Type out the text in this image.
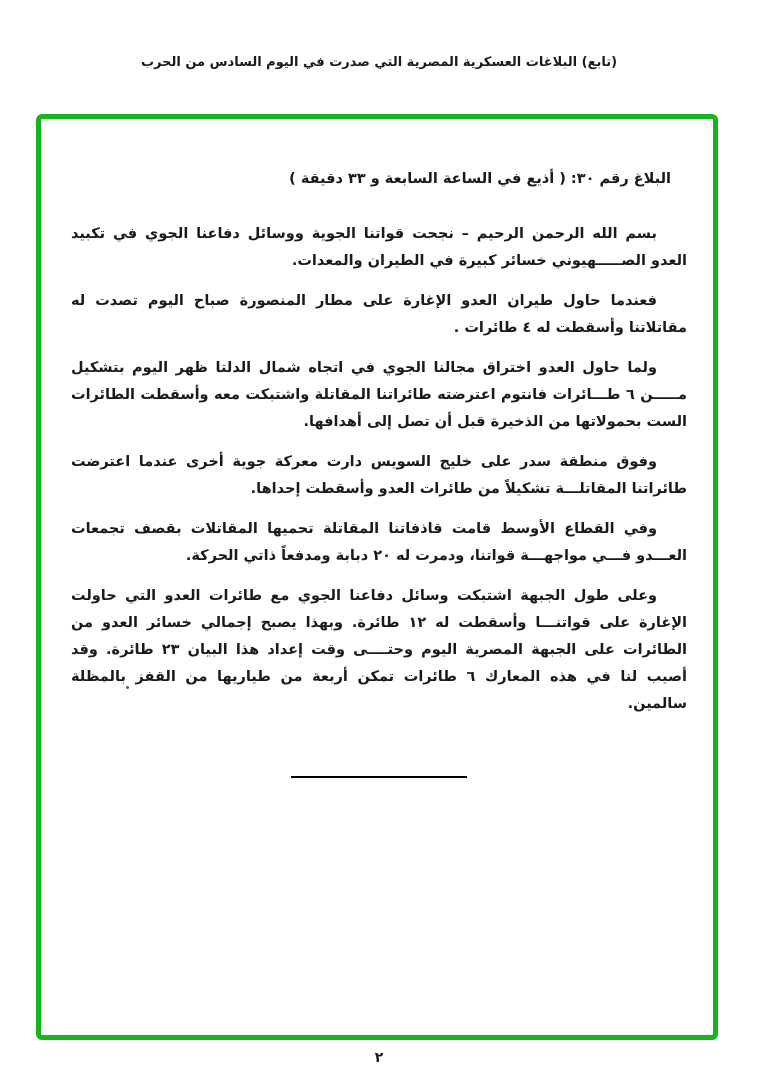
(تابع) البلاغات العسكرية المصرية التي صدرت في اليوم السادس من الحرب

البلاغ رقم ٣٠: ( أذيع في الساعة السابعة و ٣٣ دقيقة )

بسم الله الرحمن الرحيم – نجحت قواتنا الجوية ووسائل دفاعنا الجوي في تكبيد العدو الصـــــهيوني خسائر كبيرة في الطيران والمعدات.

فعندما حاول طيران العدو الإغارة على مطار المنصورة صباح اليوم تصدت له مقاتلاتنا وأسقطت له ٤ طائرات .

ولما حاول العدو اختراق مجالنا الجوي في اتجاه شمال الدلتا ظهر اليوم بتشكيل مـــــن ٦ طـــائرات فانتوم اعترضته طائراتنا المقاتلة واشتبكت معه وأسقطت الطائرات الست بحمولاتها من الذخيرة قبل أن تصل إلى أهدافها.

وفوق منطقة سدر على خليج السويس دارت معركة جوية أخرى عندما اعترضت طائراتنا المقاتلـــة تشكيلاً من طائرات العدو وأسقطت إحداها.

وفي القطاع الأوسط قامت قاذفاتنا المقاتلة تحميها المقاتلات بقصف تجمعات العـــدو فـــي مواجهـــة قواتنا، ودمرت له ٢٠ دبابة ومدفعاً ذاتي الحركة.

وعلى طول الجبهة اشتبكت وسائل دفاعنا الجوي مع طائرات العدو التي حاولت الإغارة على قواتنـــا وأسقطت له ١٢ طائرة. وبهذا يصبح إجمالي خسائر العدو من الطائرات على الجبهة المصرية اليوم وحتــــى وقت إعداد هذا البيان ٢٣ طائرة. وقد أصيب لنا في هذه المعارك ٦ طائرات تمكن أربعة من طياريها من القفز بالمظلة سالمين.

٢
